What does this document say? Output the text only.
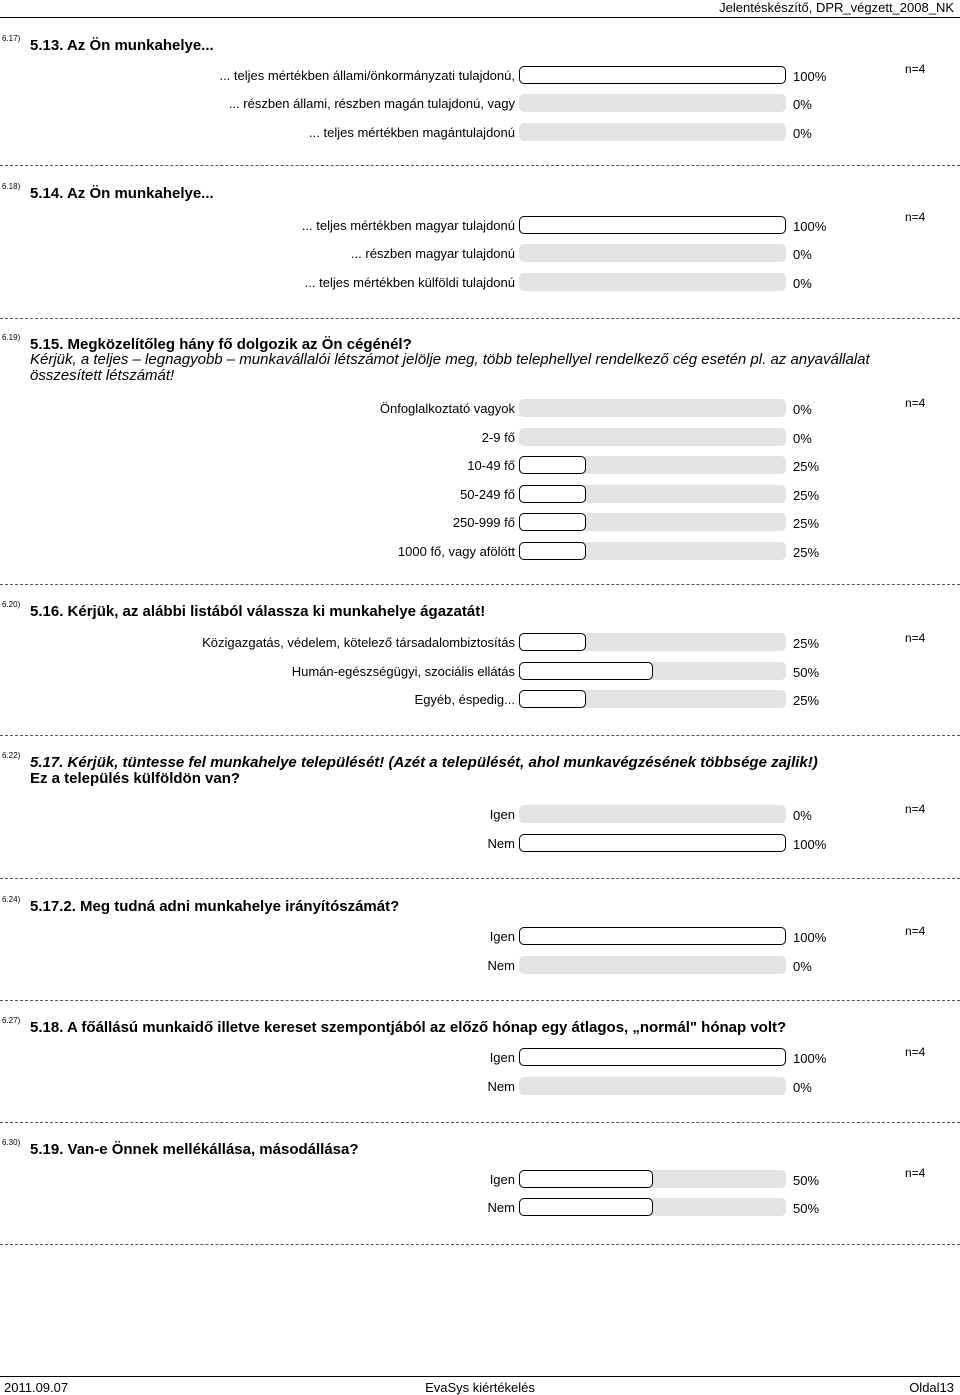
Jelentéskészítő, DPR_végzett_2008_NK
6.17) 5.13. Az Ön munkahelye...
n=4
... teljes mértékben állami/önkormányzati tulajdonú,	100%
... részben állami, részben magán tulajdonú, vagy	0%
... teljes mértékben magántulajdonú	0%
6.18) 5.14. Az Ön munkahelye...
n=4
... teljes mértékben magyar tulajdonú	100%
... részben magyar tulajdonú	0%
... teljes mértékben külföldi tulajdonú	0%
6.19) 5.15. Megközelítőleg hány fő dolgozik az Ön cégénél?
Kérjük, a teljes – legnagyobb – munkavállalói létszámot jelölje meg, több telephellyel rendelkező cég esetén pl. az anyavállalat összesített létszámát!
n=4
Önfoglalkoztató vagyok	0%
2-9 fő	0%
10-49 fő	25%
50-249 fő	25%
250-999 fő	25%
1000 fő, vagy afölött	25%
6.20) 5.16. Kérjük, az alábbi listából válassza ki munkahelye ágazatát!
n=4
Közigazgatás, védelem, kötelező társadalombiztosítás	25%
Humán-egészségügyi, szociális ellátás	50%
Egyéb, éspedig...	25%
6.22) 5.17. Kérjük, tüntesse fel munkahelye települését! (Azét a települését, ahol munkavégzésének többsége zajlik!)
Ez a település külföldön van?
n=4
Igen	0%
Nem	100%
6.24) 5.17.2. Meg tudná adni munkahelye irányítószámát?
n=4
Igen	100%
Nem	0%
6.27) 5.18. A főállású munkaidő illetve kereset szempontjából az előző hónap egy átlagos, „normál" hónap volt?
n=4
Igen	100%
Nem	0%
6.30) 5.19. Van-e Önnek mellékállása, másodállása?
n=4
Igen	50%
Nem	50%
2011.09.07	EvaSys kiértékelés	Oldal13
